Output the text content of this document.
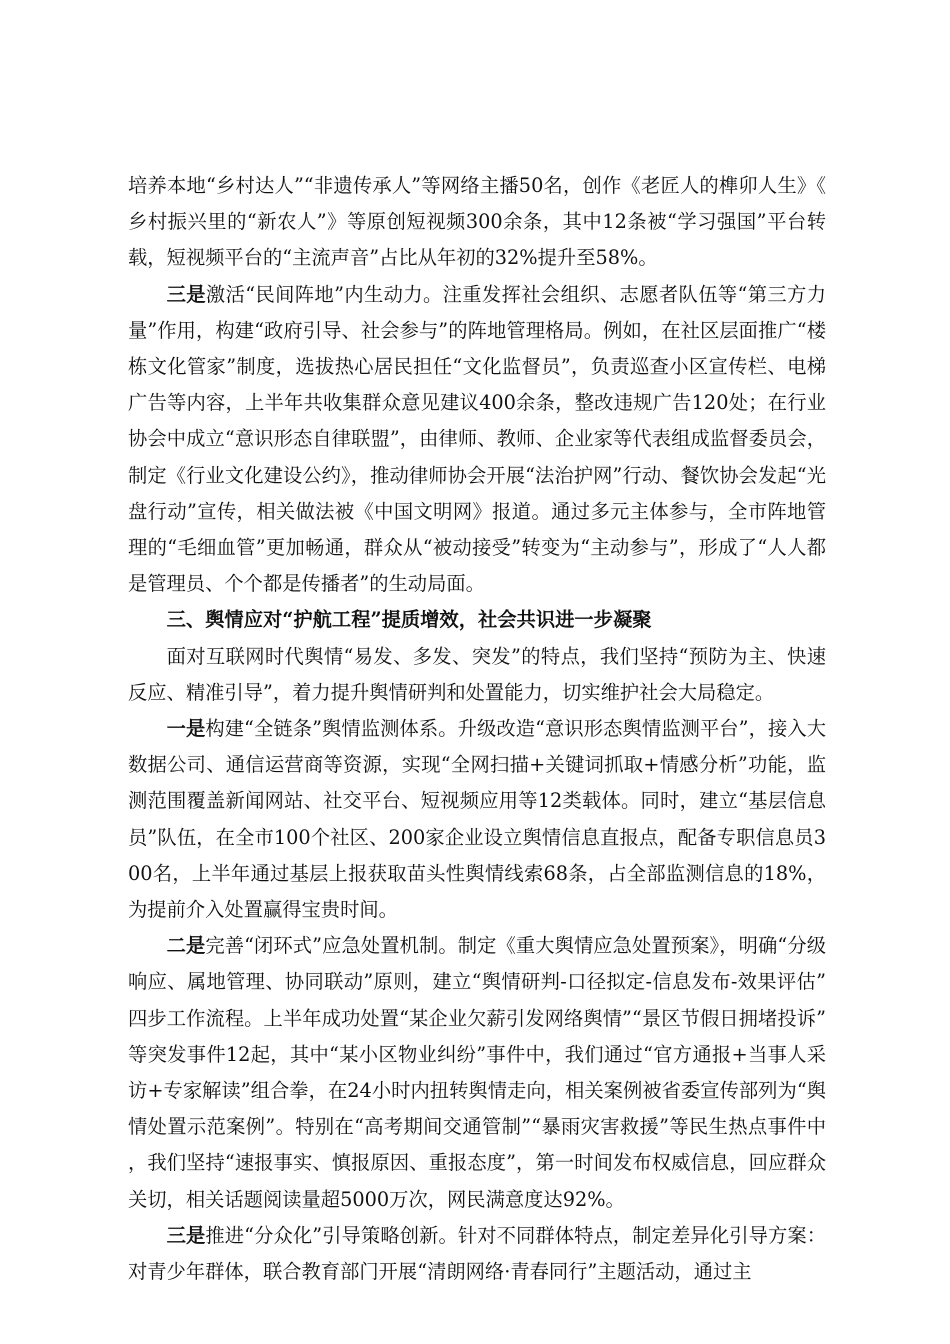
培养本地“乡村达人”“非遗传承人”等网络主播50名，创作《老匠人的榫卯人生》《乡村振兴里的“新农人”》等原创短视频300余条，其中12条被“学习强国”平台转载，短视频平台的“主流声音”占比从年初的32%提升至58%。

三是激活“民间阵地”内生动力。注重发挥社会组织、志愿者队伍等“第三方力量”作用，构建“政府引导、社会参与”的阵地管理格局。例如，在社区层面推广“楼栋文化管家”制度，选拔热心居民担任“文化监督员”，负责巡查小区宣传栏、电梯广告等内容，上半年共收集群众意见建议400余条，整改违规广告120处；在行业协会中成立“意识形态自律联盟”，由律师、教师、企业家等代表组成监督委员会，制定《行业文化建设公约》，推动律师协会开展“法治护网”行动、餐饮协会发起“光盘行动”宣传，相关做法被《中国文明网》报道。通过多元主体参与，全市阵地管理的“毛细血管”更加畅通，群众从“被动接受”转变为“主动参与”，形成了“人人都是管理员、个个都是传播者”的生动局面。

三、舆情应对“护航工程”提质增效，社会共识进一步凝聚

面对互联网时代舆情“易发、多发、突发”的特点，我们坚持“预防为主、快速反应、精准引导”，着力提升舆情研判和处置能力，切实维护社会大局稳定。

一是构建“全链条”舆情监测体系。升级改造“意识形态舆情监测平台”，接入大数据公司、通信运营商等资源，实现“全网扫描+关键词抓取+情感分析”功能，监测范围覆盖新闻网站、社交平台、短视频应用等12类载体。同时，建立“基层信息员”队伍，在全市100个社区、200家企业设立舆情信息直报点，配备专职信息员300名，上半年通过基层上报获取苗头性舆情线索68条，占全部监测信息的18%，为提前介入处置赢得宝贵时间。

二是完善“闭环式”应急处置机制。制定《重大舆情应急处置预案》，明确“分级响应、属地管理、协同联动”原则，建立“舆情研判-口径拟定-信息发布-效果评估”四步工作流程。上半年成功处置“某企业欠薪引发网络舆情”“景区节假日拥堵投诉”等突发事件12起，其中“某小区物业纠纷”事件中，我们通过“官方通报+当事人采访+专家解读”组合拳，在24小时内扭转舆情走向，相关案例被省委宣传部列为“舆情处置示范案例”。特别在“高考期间交通管制”“暴雨灾害救援”等民生热点事件中，我们坚持“速报事实、慎报原因、重报态度”，第一时间发布权威信息，回应群众关切，相关话题阅读量超5000万次，网民满意度达92%。

三是推进“分众化”引导策略创新。针对不同群体特点，制定差异化引导方案：对青少年群体，联合教育部门开展“清朗网络·青春同行”主题活动，通过主
